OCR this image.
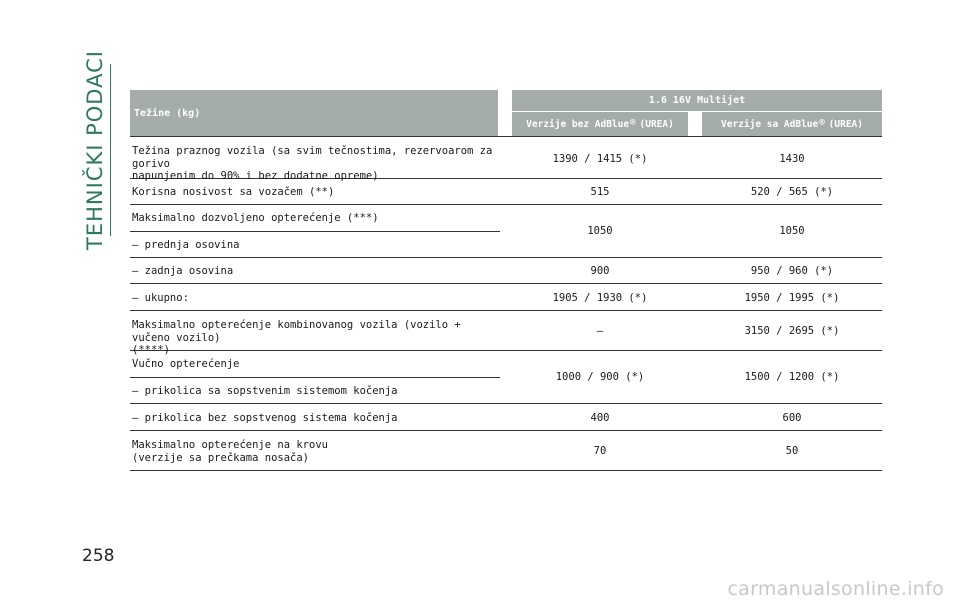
TEHNIČKI PODACI	Težine (kg)
1.6 16V Multijet
Verzije bez AdBlue® (UREA)	Verzije sa AdBlue® (UREA)
Težina praznog vozila (sa svim tečnostima, rezervoarom za gorivo
napunjenim do 90% i bez dodatne opreme)
1390 / 1415 (*)	1430
Korisna nosivost sa vozačem (**)	515	520 / 565 (*)
Maksimalno dozvoljeno opterećenje (***)
– prednja osovina
1050	1050
– zadnja osovina	900	950 / 960 (*)
– ukupno:	1905 / 1930 (*)	1950 / 1995 (*)
Maksimalno opterećenje kombinovanog vozila (vozilo + vučeno vozilo)
(****)
–	3150 / 2695 (*)
Vučno opterećenje
– prikolica sa sopstvenim sistemom kočenja
1000 / 900 (*)	1500 / 1200 (*)
– prikolica bez sopstvenog sistema kočenja	400	600
Maksimalno opterećenje na krovu
(verzije sa prečkama nosača)
70	50
258
carmanualsonline.info
